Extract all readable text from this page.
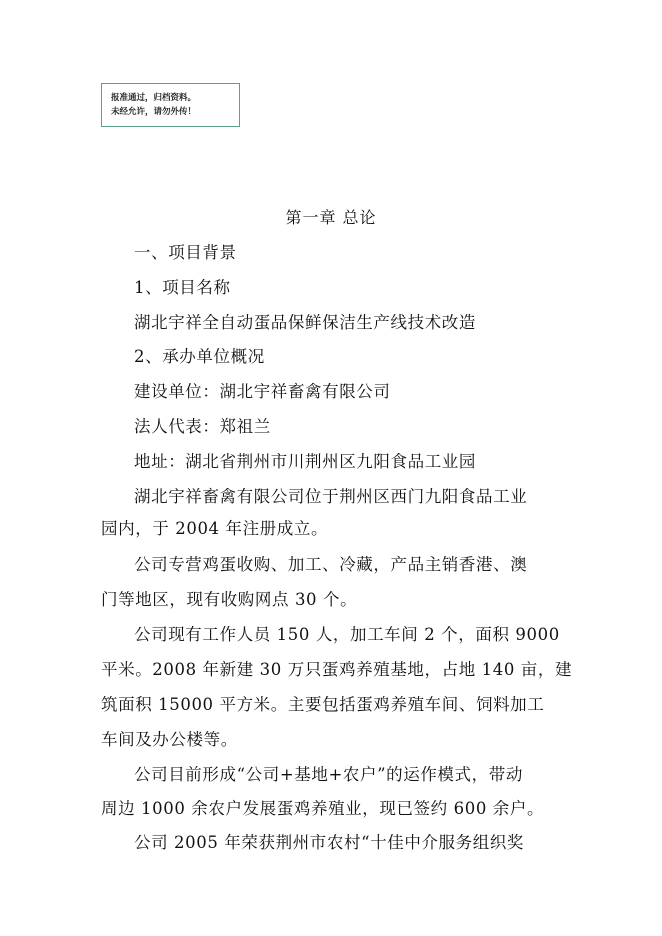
报准通过，归档资料。
未经允许，请勿外传！
第一章 总论
一、项目背景
1、项目名称
湖北宇祥全自动蛋品保鲜保洁生产线技术改造
2、承办单位概况
建设单位：湖北宇祥畜禽有限公司
法人代表：郑祖兰
地址：湖北省荆州市川荆州区九阳食品工业园
湖北宇祥畜禽有限公司位于荆州区西门九阳食品工业
园内，于 2004 年注册成立。
公司专营鸡蛋收购、加工、冷藏，产品主销香港、澳
门等地区，现有收购网点 30 个。
公司现有工作人员 150 人，加工车间 2 个，面积 9000
平米。2008 年新建 30 万只蛋鸡养殖基地，占地 140 亩，建
筑面积 15000 平方米。主要包括蛋鸡养殖车间、饲料加工
车间及办公楼等。
公司目前形成“公司+基地+农户”的运作模式，带动
周边 1000 余农户发展蛋鸡养殖业，现已签约 600 余户。
公司 2005 年荣获荆州市农村“十佳中介服务组织奖
